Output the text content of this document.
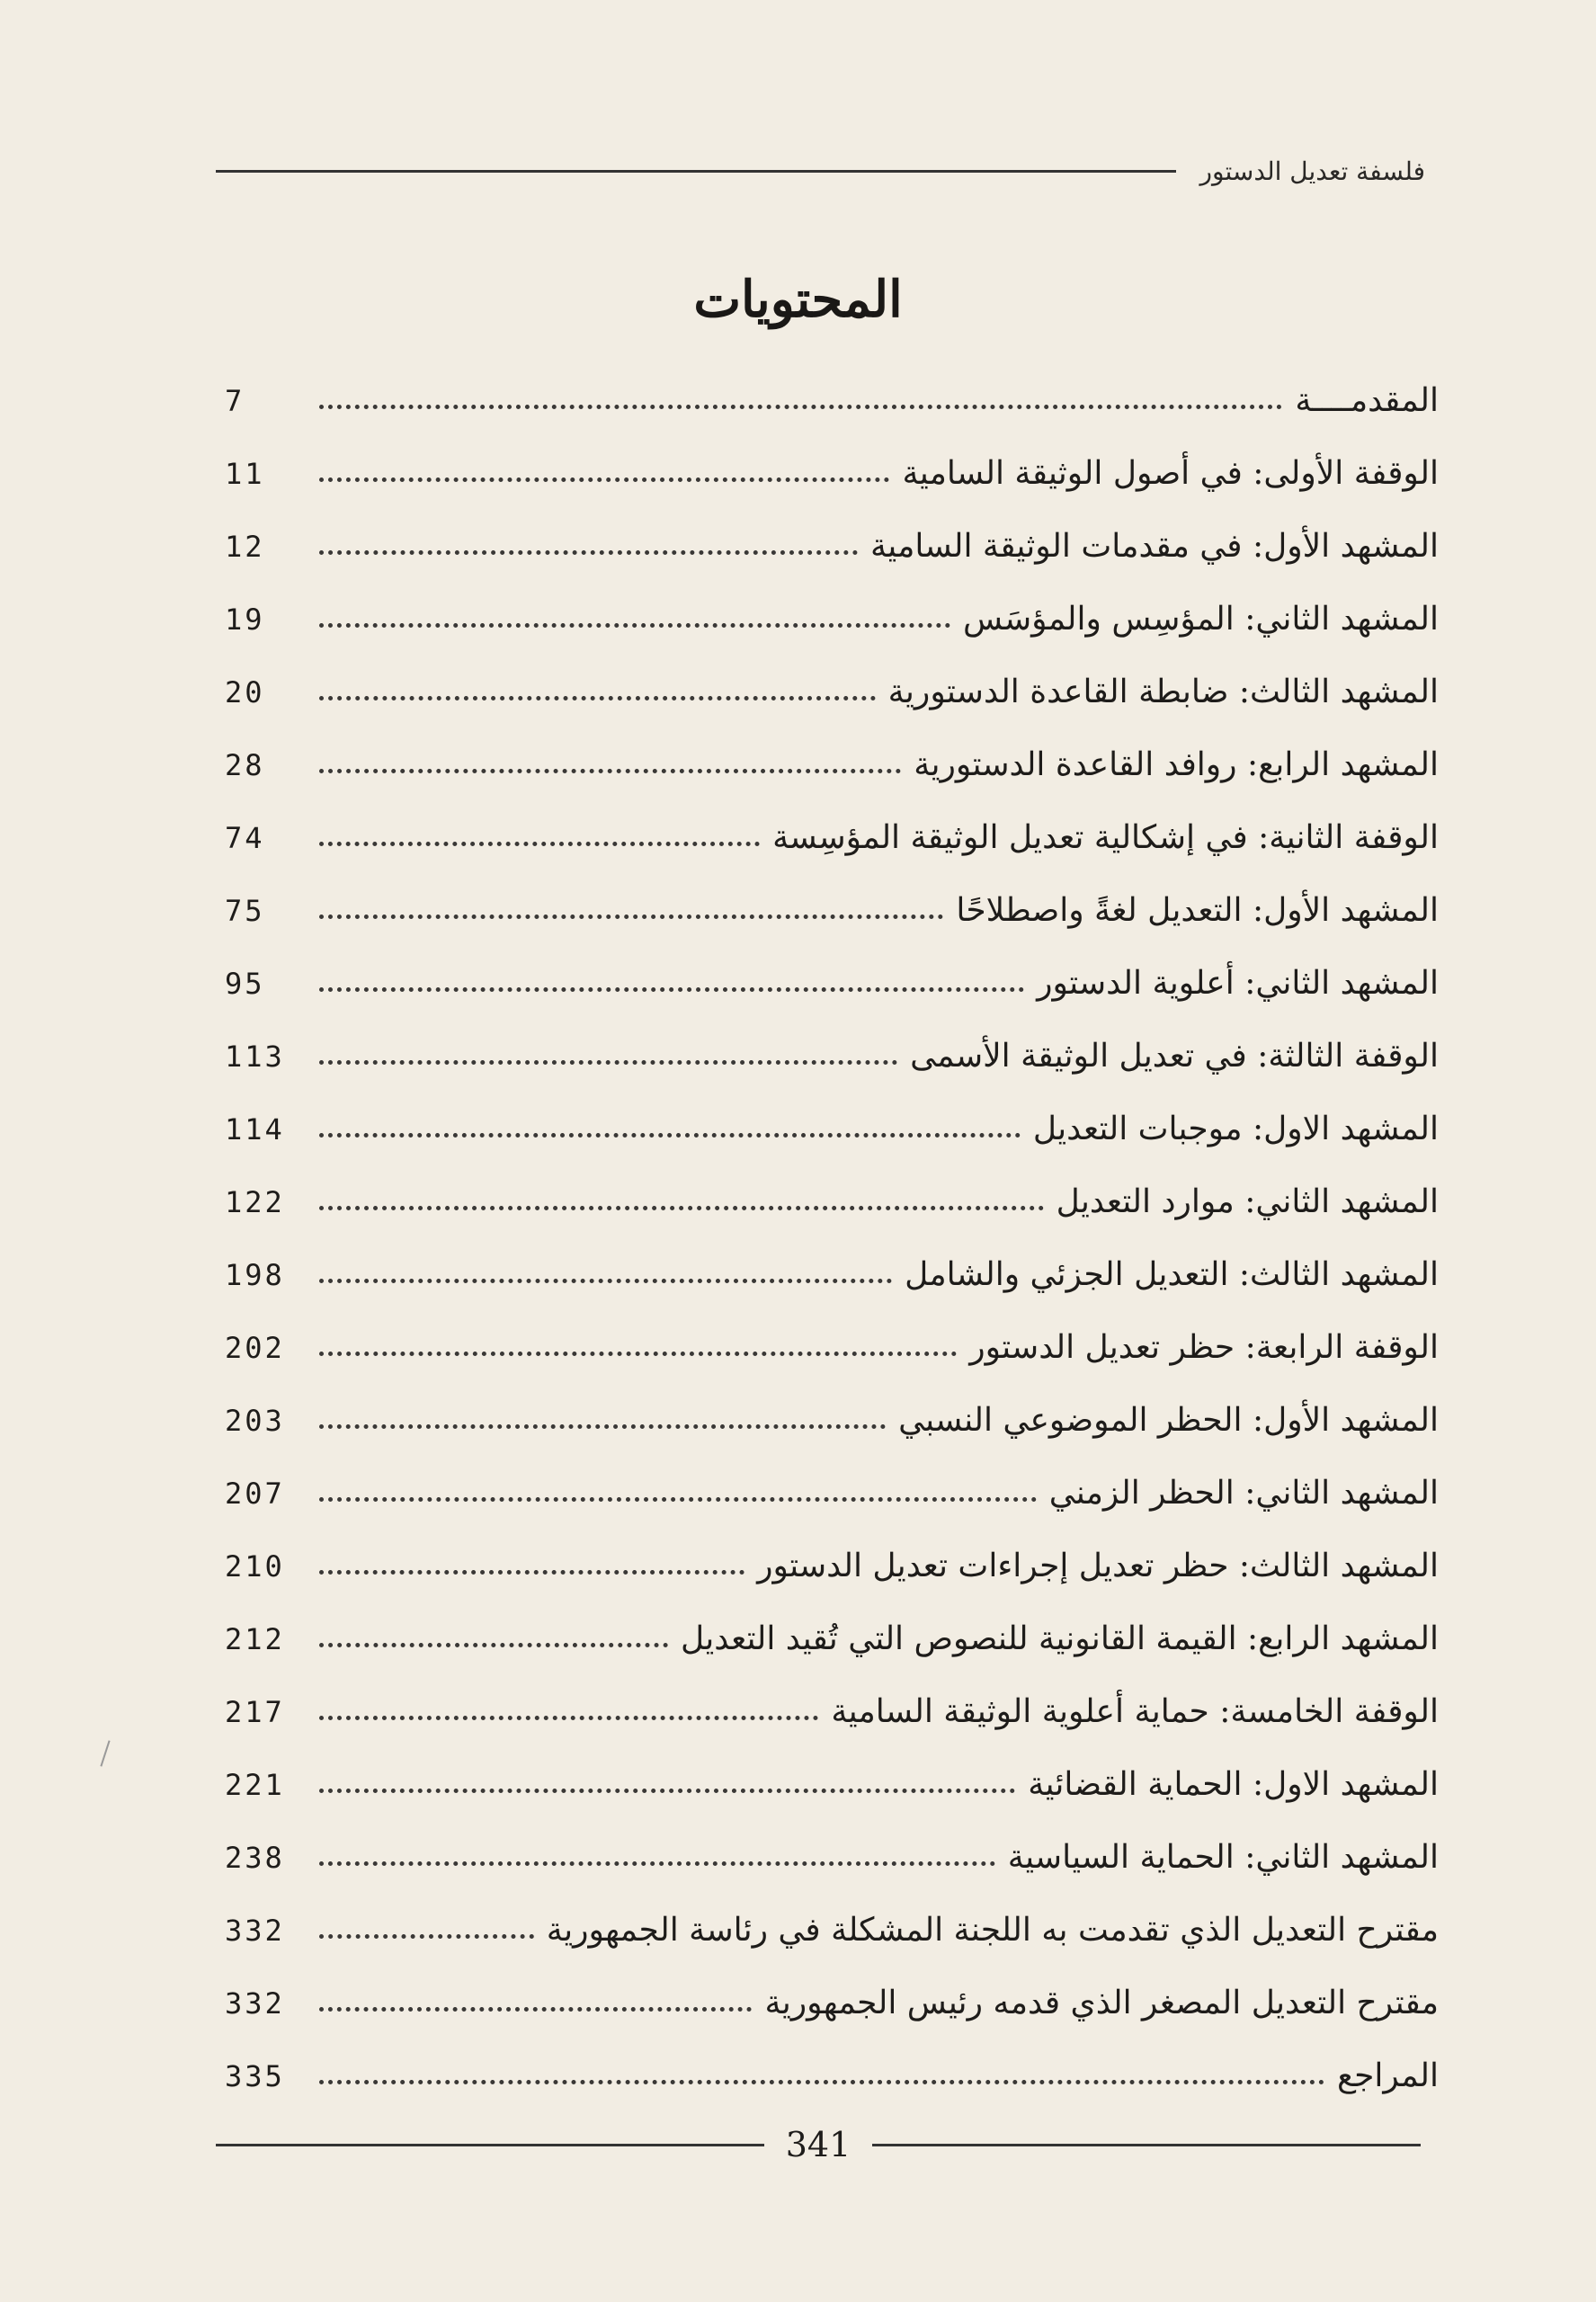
فلسفة تعديل الدستور
المحتويات
المقدمــــة
7
الوقفة الأولى: في أصول الوثيقة السامية
11
المشهد الأول: في مقدمات الوثيقة السامية
12
المشهد الثاني: المؤسِس والمؤسَس
19
المشهد الثالث: ضابطة القاعدة الدستورية
20
المشهد الرابع: روافد القاعدة الدستورية
28
الوقفة الثانية: في إشكالية تعديل الوثيقة المؤسِسة
74
المشهد الأول: التعديل لغةً واصطلاحًا
75
المشهد الثاني: أعلوية الدستور
95
الوقفة الثالثة: في تعديل الوثيقة الأسمى
113
المشهد الاول: موجبات التعديل
114
المشهد الثاني: موارد التعديل
122
المشهد الثالث: التعديل الجزئي والشامل
198
الوقفة الرابعة: حظر تعديل الدستور
202
المشهد الأول: الحظر الموضوعي النسبي
203
المشهد الثاني: الحظر الزمني
207
المشهد الثالث: حظر تعديل إجراءات تعديل الدستور
210
المشهد الرابع: القيمة القانونية للنصوص التي تُقيد التعديل
212
الوقفة الخامسة: حماية أعلوية الوثيقة السامية
217
المشهد الاول: الحماية القضائية
221
المشهد الثاني: الحماية السياسية
238
مقترح التعديل الذي تقدمت به اللجنة المشكلة في رئاسة الجمهورية
332
مقترح التعديل المصغر الذي قدمه رئيس الجمهورية
332
المراجع
335
341
